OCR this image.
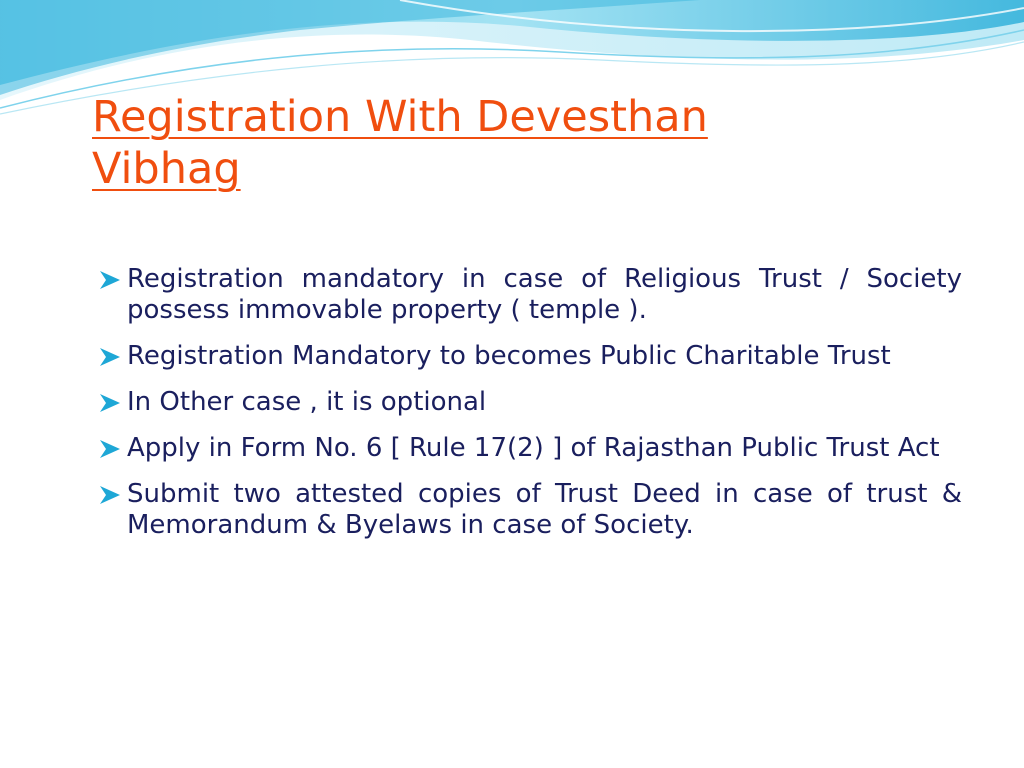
Registration With Devesthan Vibhag
Registration mandatory in case of Religious Trust / Society possess immovable property ( temple ).
Registration Mandatory to becomes Public Charitable Trust
In Other case , it is optional
Apply in Form No. 6 [ Rule 17(2) ] of Rajasthan Public Trust Act
Submit two attested copies of Trust Deed in case of trust & Memorandum & Byelaws in case of Society.
